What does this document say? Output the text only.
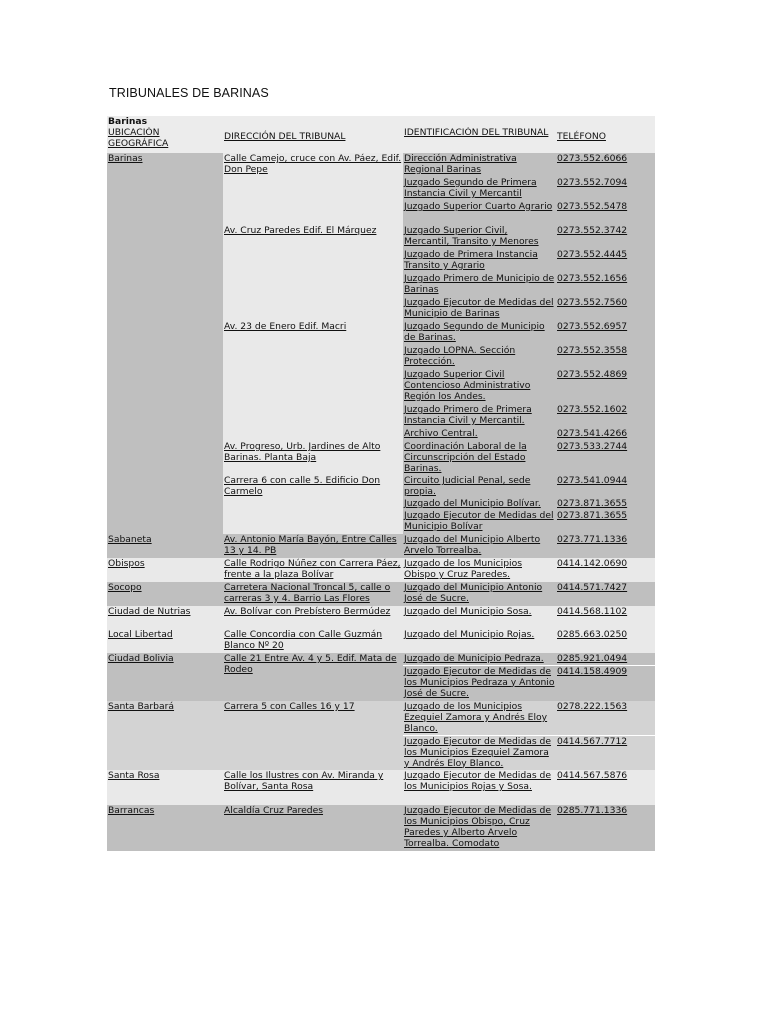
TRIBUNALES DE BARINAS
Barinas			
UBICACIÓN GEOGRÁFICA	DIRECCIÓN DEL TRIBUNAL	IDENTIFICACIÓN DEL TRIBUNAL	TELÉFONO
Barinas	Calle Camejo, cruce con Av. Páez, Edif. Don Pepe	Dirección Administrativa Regional Barinas	0273.552.6066
		Juzgado Segundo de Primera Instancia Civil y Mercantil	0273.552.7094
		Juzgado Superior Cuarto Agrario	0273.552.5478
	Av. Cruz Paredes Edif. El Márquez	Juzgado Superior Civil, Mercantil, Transito y Menores	0273.552.3742
		Juzgado de Primera Instancia Transito y Agrario	0273.552.4445
		Juzgado Primero de Municipio de Barinas	0273.552.1656
		Juzgado Ejecutor de Medidas del Municipio de Barinas	0273.552.7560
	Av. 23 de Enero Edif. Macri	Juzgado Segundo de Municipio de Barinas.	0273.552.6957
		Juzgado LOPNA. Sección Protección.	0273.552.3558
		Juzgado Superior Civil Contencioso Administrativo Región los Andes.	0273.552.4869
		Juzgado Primero de Primera Instancia Civil y Mercantil.	0273.552.1602
		Archivo Central.	0273.541.4266
	Av. Progreso, Urb. Jardines de Alto Barinas. Planta Baja	Coordinación Laboral de la Circunscripción del Estado Barinas.	0273.533.2744
	Carrera 6 con calle 5. Edificio Don Carmelo	Circuito Judicial Penal, sede propia.	0273.541.0944
		Juzgado del Municipio Bolívar.	0273.871.3655
		Juzgado Ejecutor de Medidas del Municipio Bolívar	0273.871.3655
Sabaneta	Av. Antonio María Bayón, Entre Calles 13 y 14. PB	Juzgado del Municipio Alberto Arvelo Torrealba.	0273.771.1336
Obispos	Calle Rodrigo Núñez con Carrera Páez, frente a la plaza Bolívar	Juzgado de los Municipios Obispo y Cruz Paredes.	0414.142.0690
Socopo	Carretera Nacional Troncal 5, calle o carreras 3 y 4. Barrio Las Flores	Juzgado del Municipio Antonio José de Sucre.	0414.571.7427
Ciudad de Nutrias	Av. Bolívar con Prebístero Bermúdez	Juzgado del Municipio Sosa.	0414.568.1102
Local Libertad	Calle Concordia con Calle Guzmán Blanco Nº 20	Juzgado del Municipio Rojas.	0285.663.0250
Ciudad Bolivia	Calle 21 Entre Av. 4 y 5. Edif. Mata de Rodeo	Juzgado de Municipio Pedraza.	0285.921.0494
		Juzgado Ejecutor de Medidas de los Municipios Pedraza y Antonio José de Sucre.	0414.158.4909
Santa Barbará	Carrera 5 con Calles 16 y 17	Juzgado de los Municipios Ezequiel Zamora y Andrés Eloy Blanco.	0278.222.1563
		Juzgado Ejecutor de Medidas de los Municipios Ezequiel Zamora y Andrés Eloy Blanco.	0414.567.7712
Santa Rosa	Calle los Ilustres con Av. Miranda y Bolívar, Santa Rosa	Juzgado Ejecutor de Medidas de los Municipios Rojas y Sosa.	0414.567.5876
Barrancas	Alcaldía Cruz Paredes	Juzgado Ejecutor de Medidas de los Municipios Obispo, Cruz Paredes y Alberto Arvelo Torrealba. Comodato	0285.771.1336
